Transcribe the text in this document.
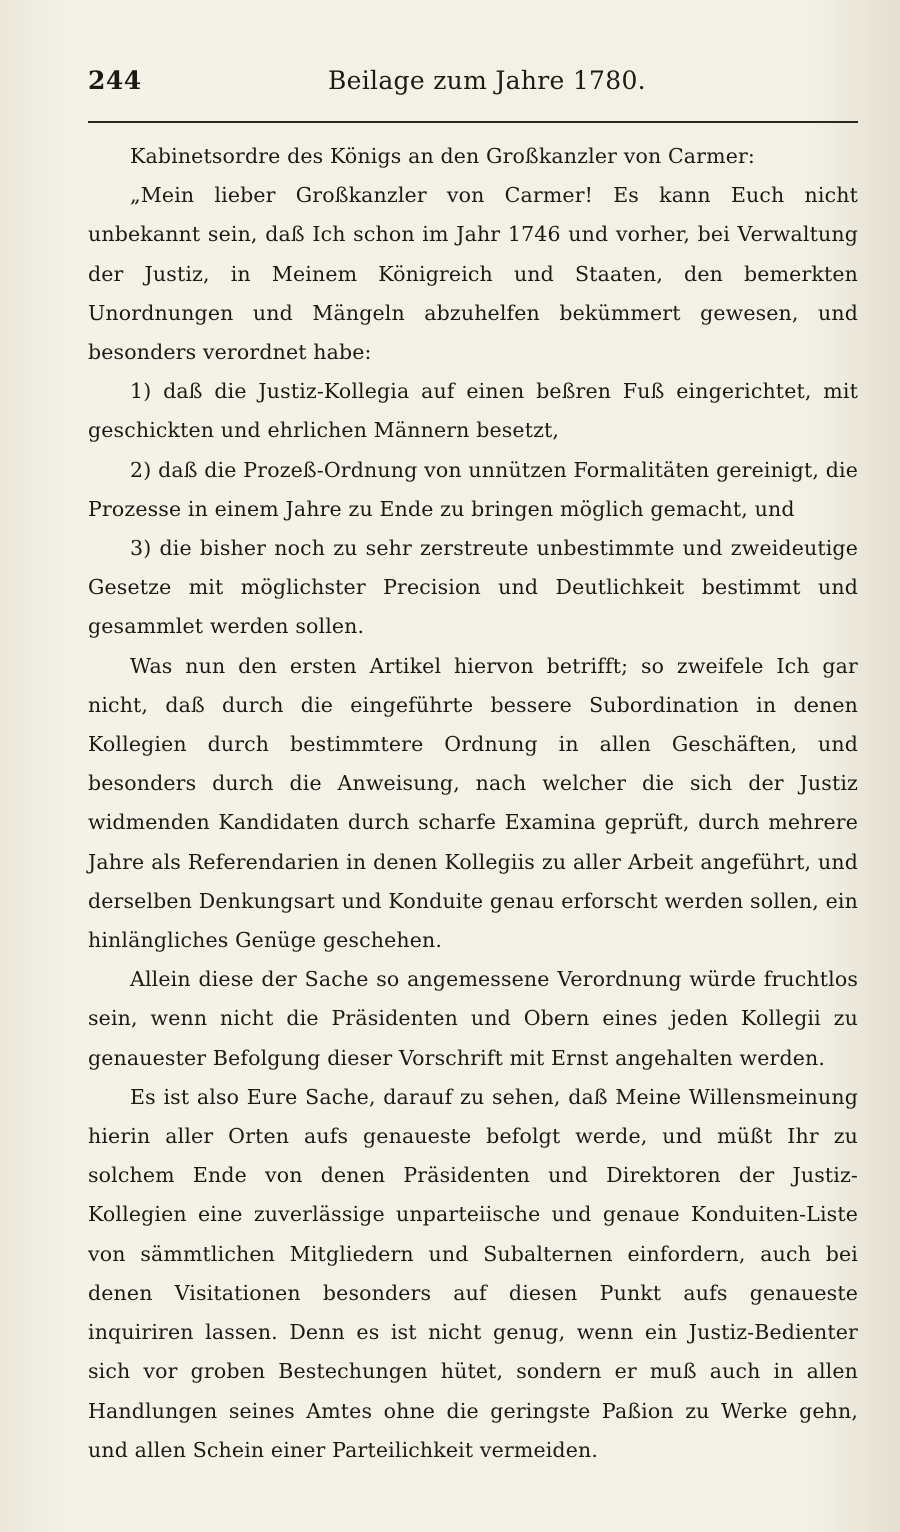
244	Beilage zum Jahre 1780.

Kabinetsordre des Königs an den Großkanzler von Carmer:

„Mein lieber Großkanzler von Carmer! Es kann Euch nicht unbekannt sein, daß Ich schon im Jahr 1746 und vorher, bei Verwaltung der Justiz, in Meinem Königreich und Staaten, den bemerkten Unordnungen und Mängeln abzuhelfen bekümmert gewesen, und besonders verordnet habe:

1) daß die Justiz-Kollegia auf einen beßren Fuß eingerichtet, mit geschickten und ehrlichen Männern besetzt,

2) daß die Prozeß-Ordnung von unnützen Formalitäten gereinigt, die Prozesse in einem Jahre zu Ende zu bringen möglich gemacht, und

3) die bisher noch zu sehr zerstreute unbestimmte und zweideutige Gesetze mit möglichster Precision und Deutlichkeit bestimmt und gesammlet werden sollen.

Was nun den ersten Artikel hiervon betrifft; so zweifele Ich gar nicht, daß durch die eingeführte bessere Subordination in denen Kollegien durch bestimmtere Ordnung in allen Geschäften, und besonders durch die Anweisung, nach welcher die sich der Justiz widmenden Kandidaten durch scharfe Examina geprüft, durch mehrere Jahre als Referendarien in denen Kollegiis zu aller Arbeit angeführt, und derselben Denkungsart und Konduite genau erforscht werden sollen, ein hinlängliches Genüge geschehen.

Allein diese der Sache so angemessene Verordnung würde fruchtlos sein, wenn nicht die Präsidenten und Obern eines jeden Kollegii zu genauester Befolgung dieser Vorschrift mit Ernst angehalten werden.

Es ist also Eure Sache, darauf zu sehen, daß Meine Willensmeinung hierin aller Orten aufs genaueste befolgt werde, und müßt Ihr zu solchem Ende von denen Präsidenten und Direktoren der Justiz-Kollegien eine zuverlässige unparteiische und genaue Konduiten-Liste von sämmtlichen Mitgliedern und Subalternen einfordern, auch bei denen Visitationen besonders auf diesen Punkt aufs genaueste inquiriren lassen. Denn es ist nicht genug, wenn ein Justiz-Bedienter sich vor groben Bestechungen hütet, sondern er muß auch in allen Handlungen seines Amtes ohne die geringste Paßion zu Werke gehn, und allen Schein einer Parteilichkeit vermeiden.
